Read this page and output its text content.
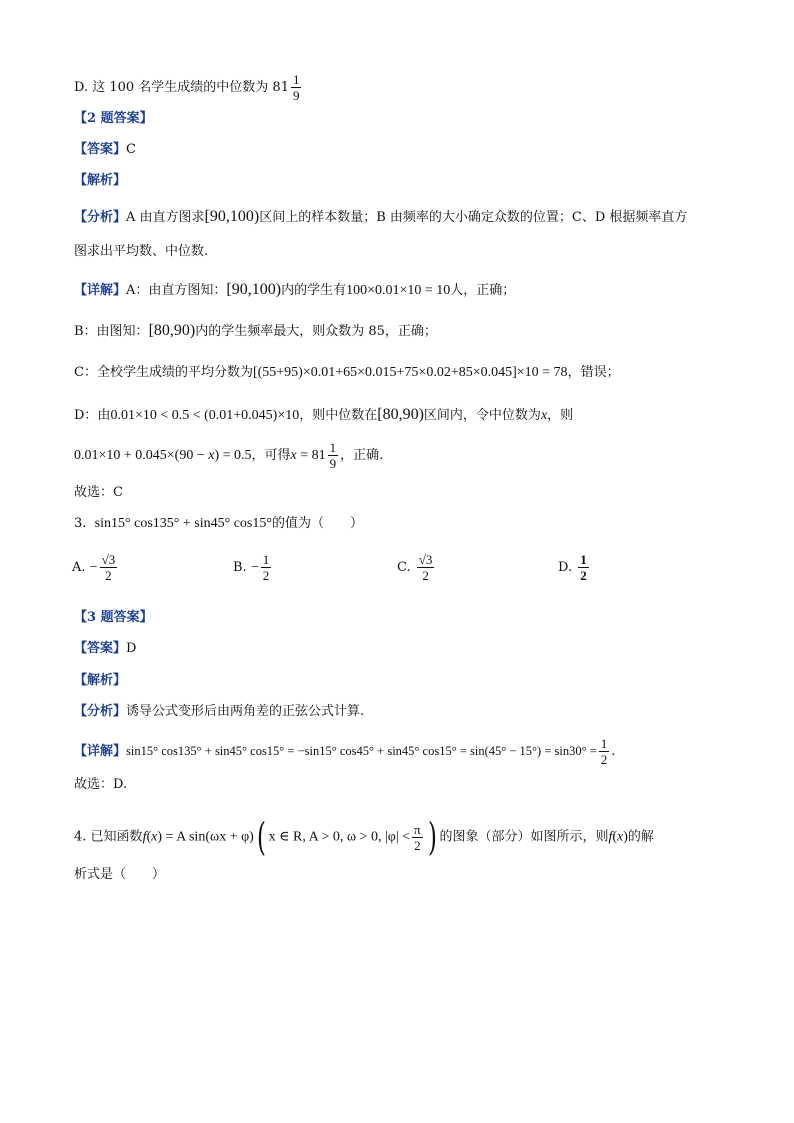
D. 这 100 名学生成绩的中位数为 $81 \frac{1}{9}$
【2 题答案】
【答案】C
【解析】
【分析】A 由直方图求[90,100)区间上的样本数量；B 由频率的大小确定众数的位置；C、D 根据频率直方
图求出平均数、中位数.
【详解】A：由直方图知：[90,100)内的学生有100×0.01×10 = 10人，正确；
B：由图知：[80,90)内的学生频率最大，则众数为 85，正确；
C：全校学生成绩的平均分数为[(55+95)×0.01+65×0.015+75×0.02+85×0.045]×10 = 78，错误；
D：由0.01×10 < 0.5 < (0.01+0.045)×10，则中位数在[80,90)区间内，令中位数为x，则
0.01×10 + 0.045×(90 − x) = 0.5，可得$x = 81 \frac{1}{9}$ ，正确.
故选：C
3. sin15° cos135° + sin45° cos15°的值为（　　）
A. − $\frac{√3}{2}$	B. − $\frac{1}{2}$	C. $\frac{√3}{2}$	D. $\frac{1}{2}$
【3 题答案】
【答案】D
【解析】
【分析】诱导公式变形后由两角差的正弦公式计算.
【详解】sin15° cos135° + sin45° cos15° = −sin15° cos45° + sin45° $\cos 15^\circ = \sin(45^\circ - 15^\circ) = \sin 30^\circ = \frac{1}{2}$ .
故选：D.
4. 已知函数f(x) = A sin(ωx + φ)( x ∈ R, A > 0, ω > 0, $|\varphi| < \frac{\pi}{2}$ ) 的图象（部分）如图所示，则f(x)的解
析式是（　　）
